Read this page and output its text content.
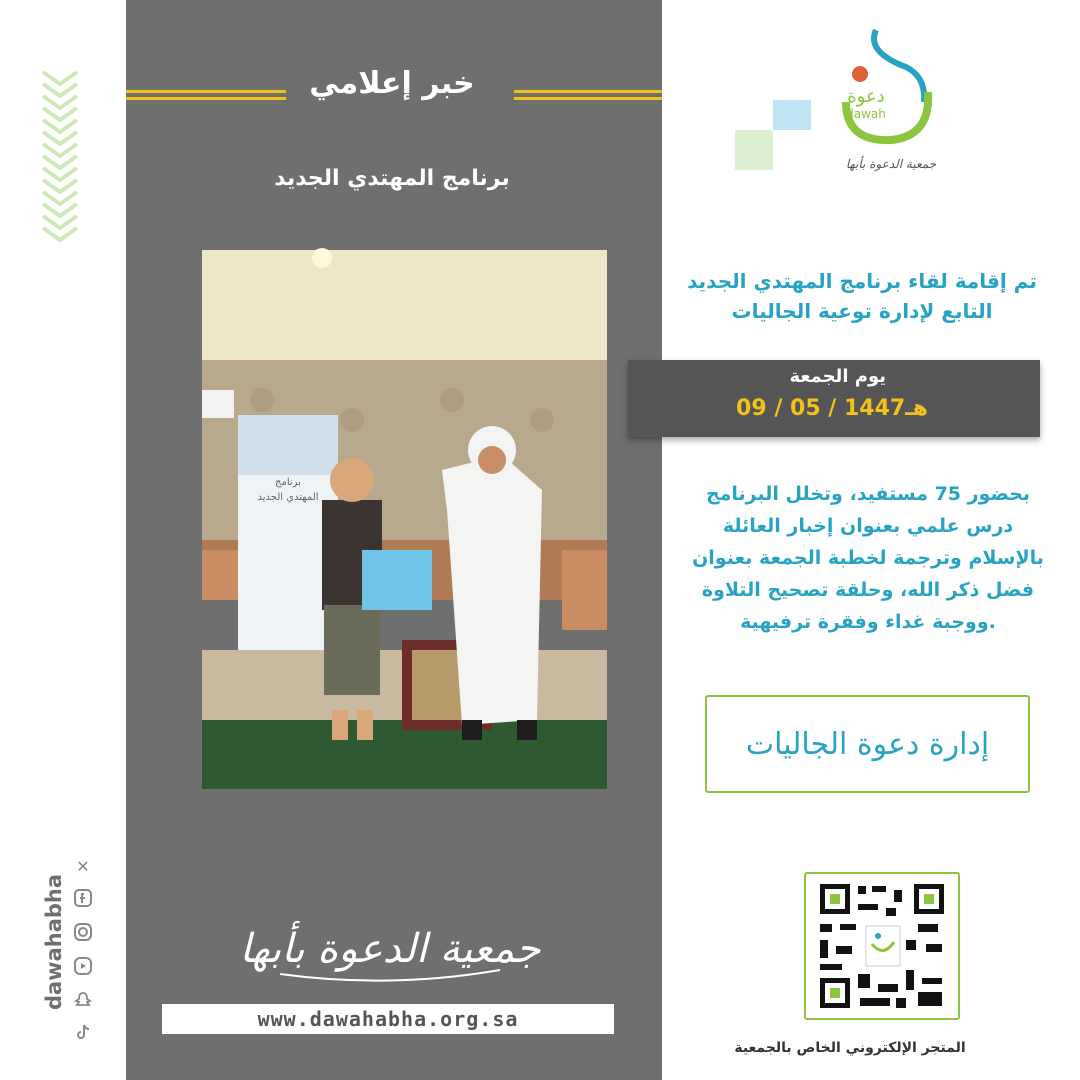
خبر إعلامي
برنامج المهتدي الجديد
برنامج
المهتدي الجديد
جمعية الدعوة بأبها
www.dawahabha.org.sa
dawahabha
✕
دعوة
dawah
جمعية الدعوة بأبها
تم إقامة لقاء برنامج المهتدي الجديد
التابع لإدارة توعية الجاليات
يوم الجمعة
09 / 05 / 1447هـ
بحضور 75 مستفيد، وتخلل البرنامج
درس علمي بعنوان إخبار العائلة
بالإسلام وترجمة لخطبة الجمعة بعنوان
فضل ذكر الله، وحلقة تصحيح التلاوة
ووجبة غداء وفقرة ترفيهية.
إدارة دعوة الجاليات
المتجر الإلكتروني الخاص بالجمعية
